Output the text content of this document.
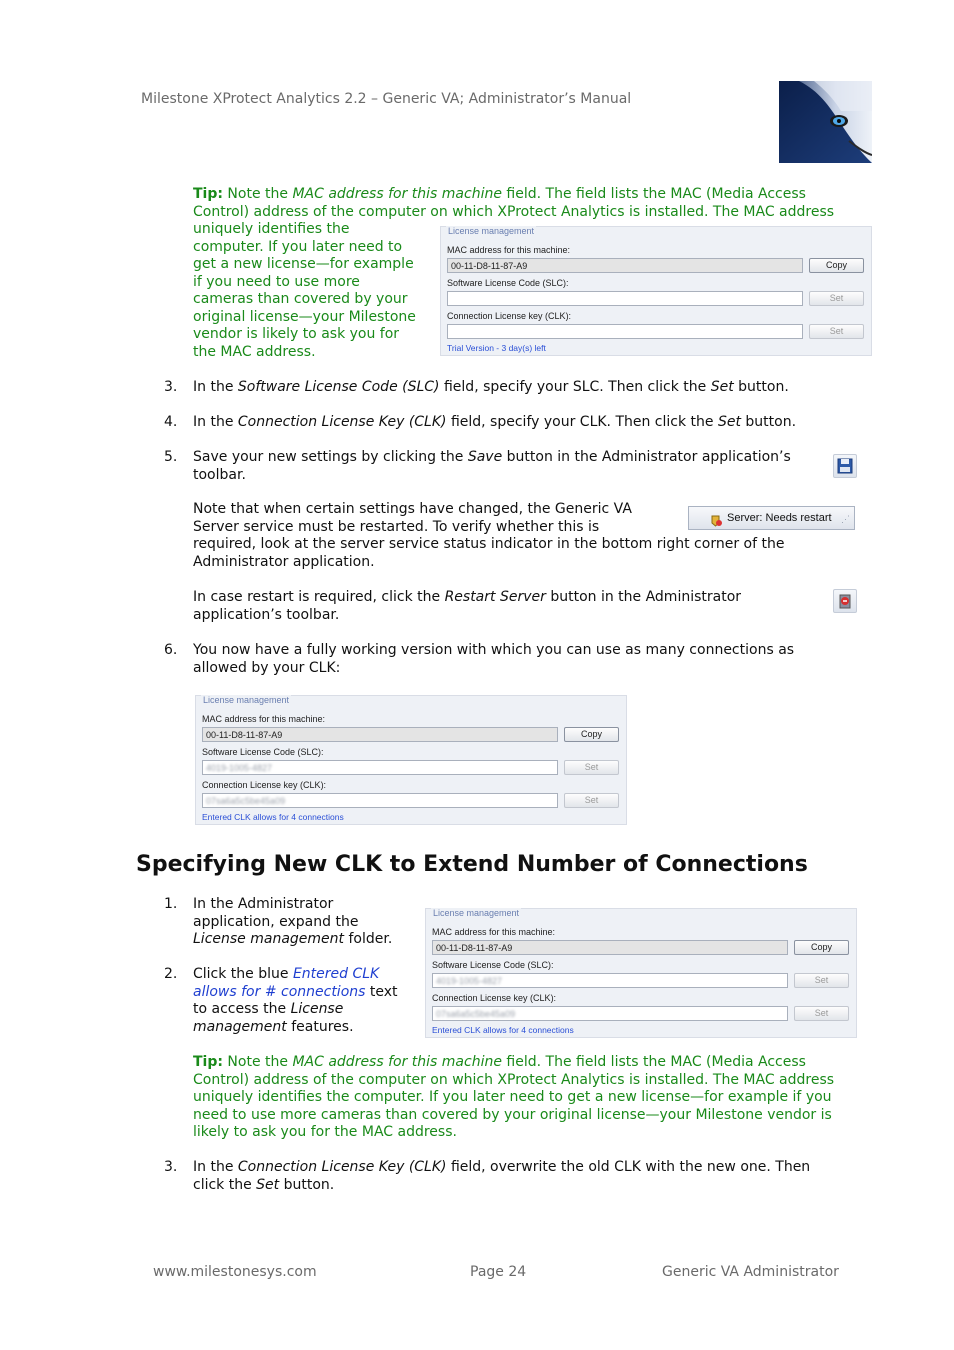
Milestone XProtect Analytics 2.2 – Generic VA; Administrator’s Manual
Tip: Note the MAC address for this machine field. The field lists the MAC (Media Access
Control) address of the computer on which XProtect Analytics is installed. The MAC address
uniquely identifies the
computer. If you later need to
get a new license—for example
if you need to use more
cameras than covered by your
original license—your Milestone
vendor is likely to ask you for
the MAC address.
License management
MAC address for this machine:
00-11-D8-11-87-A9	Copy
Software License Code (SLC):
Set
Connection License key (CLK):
Set
Trial Version - 3 day(s) left
3. In the Software License Code (SLC) field, specify your SLC. Then click the Set button.
4. In the Connection License Key (CLK) field, specify your CLK. Then click the Set button.
5. Save your new settings by clicking the Save button in the Administrator application’s
toolbar.
Note that when certain settings have changed, the Generic VA
Server service must be restarted. To verify whether this is
required, look at the server service status indicator in the bottom right corner of the
Administrator application.
Server: Needs restart ⋰
In case restart is required, click the Restart Server button in the Administrator
application’s toolbar.
6. You now have a fully working version with which you can use as many connections as
allowed by your CLK:
License management
MAC address for this machine:
00-11-D8-11-87-A9	Copy
Software License Code (SLC):
4019-1005-4827	Set
Connection License key (CLK):
07sa6a5c5be45a09	Set
Entered CLK allows for 4 connections
Specifying New CLK to Extend Number of Connections
1. In the Administrator
application, expand the
License management folder.
2. Click the blue Entered CLK
allows for # connections text
to access the License
management features.
License management
MAC address for this machine:
00-11-D8-11-87-A9	Copy
Software License Code (SLC):
4019-1005-4827	Set
Connection License key (CLK):
07sa6a5c5be45a09	Set
Entered CLK allows for 4 connections
Tip: Note the MAC address for this machine field. The field lists the MAC (Media Access
Control) address of the computer on which XProtect Analytics is installed. The MAC address
uniquely identifies the computer. If you later need to get a new license—for example if you
need to use more cameras than covered by your original license—your Milestone vendor is
likely to ask you for the MAC address.
3. In the Connection License Key (CLK) field, overwrite the old CLK with the new one. Then
click the Set button.
www.milestonesys.com	Page 24	Generic VA Administrator
